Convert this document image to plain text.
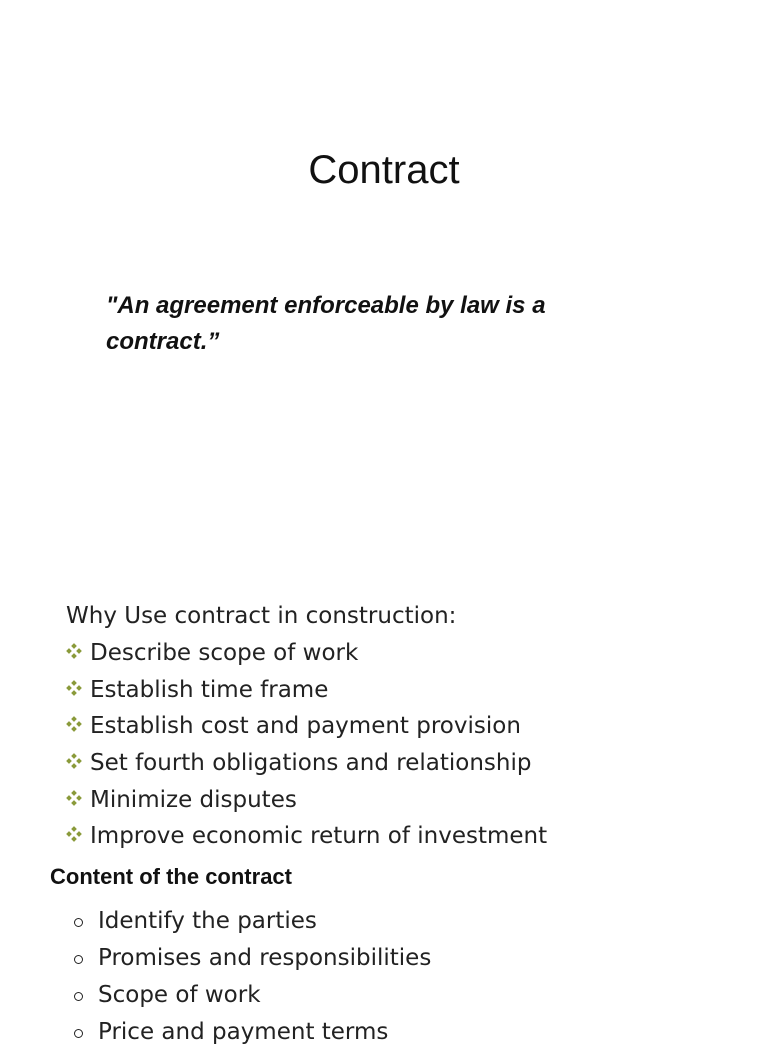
Contract
"An agreement enforceable by law is a contract.”
Why Use contract in construction:
Describe scope of work
Establish time frame
Establish cost and payment provision
Set fourth obligations and relationship
Minimize disputes
Improve economic return of investment
Content of the contract
Identify the parties
Promises and responsibilities
Scope of work
Price and payment terms
